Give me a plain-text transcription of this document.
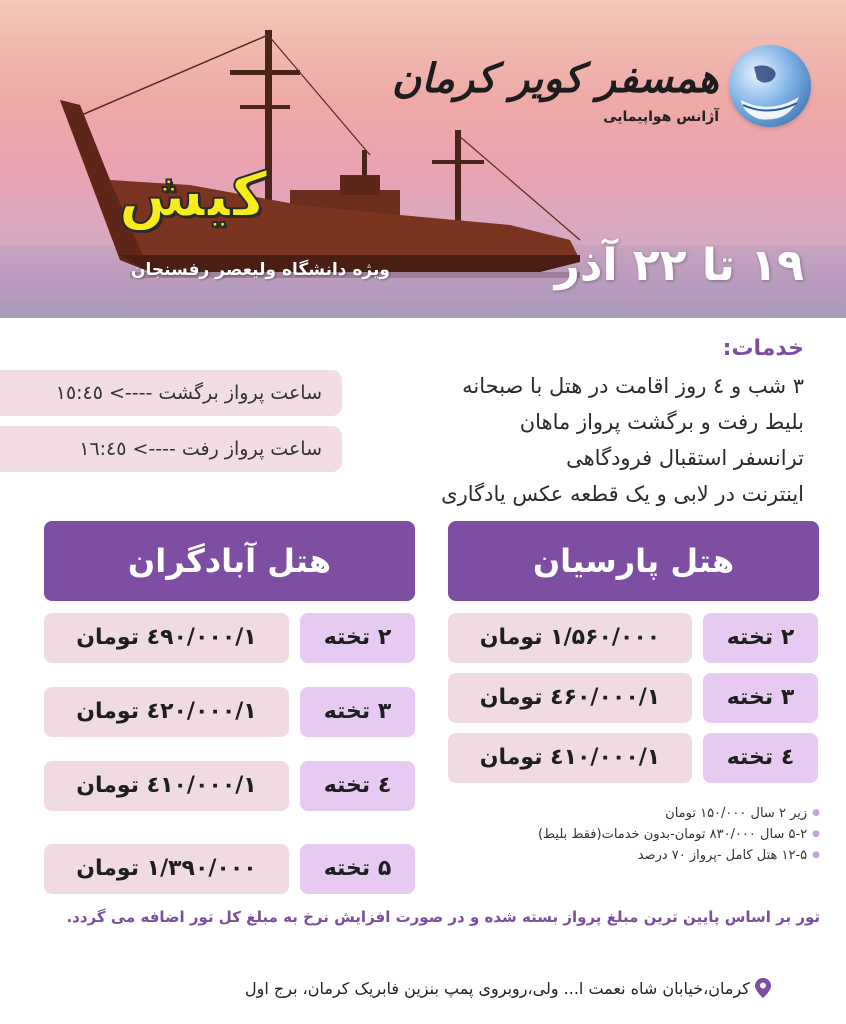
همسفر کویر کرمان
آژانس هواپیمایی
کیش
ویژه دانشگاه ولیعصر رفسنجان	۱۹ تا ۲۲ آذر
خدمات:
۳ شب و ٤ روز اقامت در هتل با صبحانه
بلیط رفت و برگشت پرواز ماهان
ترانسفر استقبال فرودگاهی
اینترنت در لابی و یک قطعه عکس یادگاری
ساعت پرواز برگشت ----> ١٥:٤٥
ساعت پرواز رفت ----> ١٦:٤٥
هتل پارسیان
۲ تخته
۱/۵۶۰/۰۰۰ تومان
۳ تخته
۱/٤۶۰/۰۰۰ تومان
٤ تخته
۱/٤۱۰/۰۰۰ تومان
هتل آبادگران
۲ تخته
۱/٤۹۰/۰۰۰ تومان
۳ تخته
۱/٤۲۰/۰۰۰ تومان
٤ تخته
۱/٤۱۰/۰۰۰ تومان
۵ تخته
۱/۳۹۰/۰۰۰ تومان
● زیر ۲ سال ۱۵۰/۰۰۰ تومان
● ۵-۲ سال ۸۳۰/۰۰۰ تومان-بدون خدمات(فقط بلیط)
● ۱۲-۵ هتل کامل -پرواز ۷۰ درصد
تور بر اساس پایین ترین مبلغ پرواز بسته شده و در صورت افزایش نرخ به مبلغ کل تور اضافه می گردد.
کرمان،خیابان شاه نعمت ا... ولی،روبروی پمپ بنزین فابریک کرمان، برج اول
